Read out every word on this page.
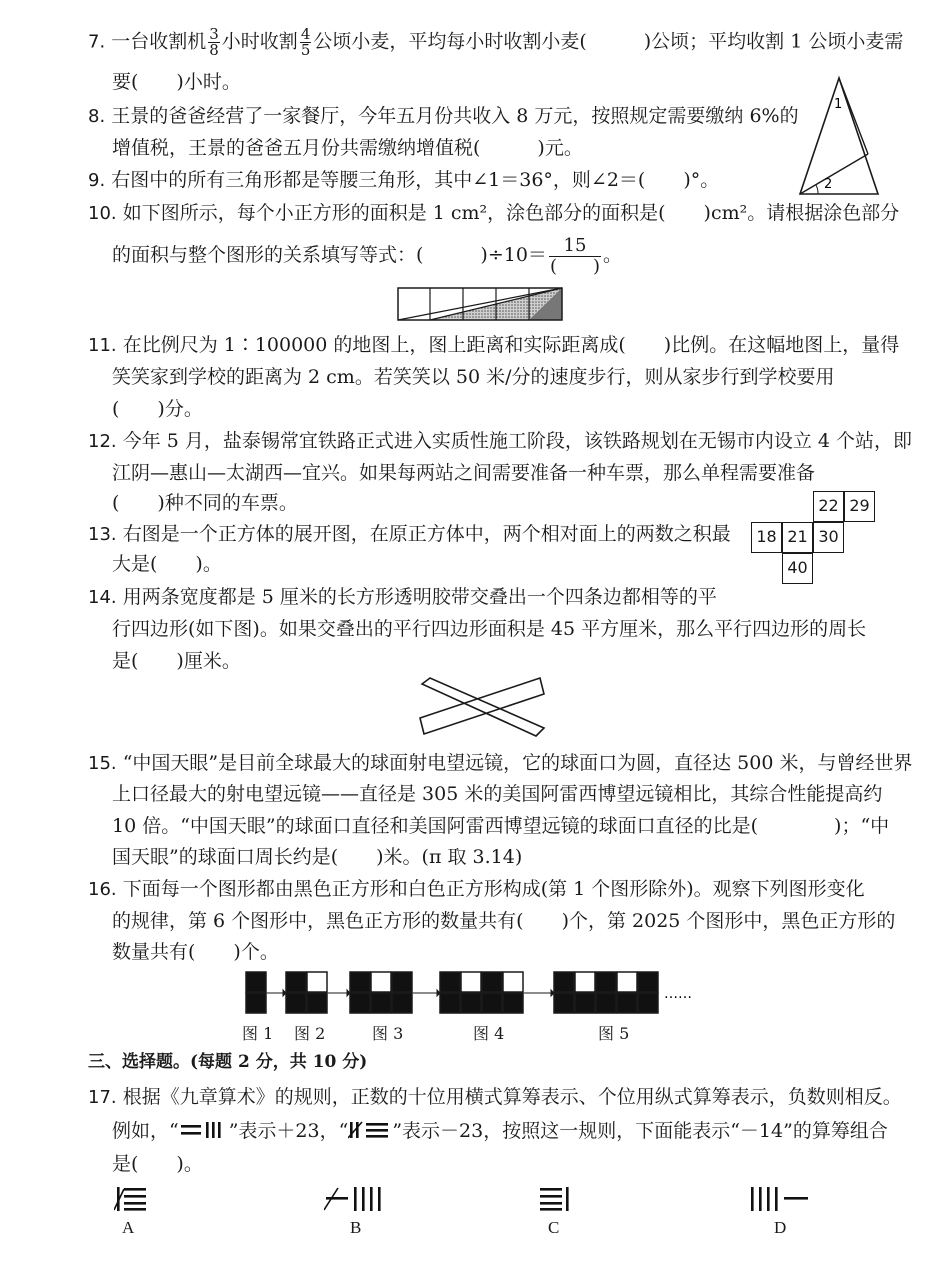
7. 一台收割机 $\frac{3}{8}$ 小时收割 $\frac{4}{5}$ 公顷小麦，平均每小时收割小麦(　　　)公顷；平均收割 1 公顷小麦需
要(　　)小时。
1
2
8. 王景的爸爸经营了一家餐厅，今年五月份共收入 8 万元，按照规定需要缴纳 6%的
增值税，王景的爸爸五月份共需缴纳增值税(　　　)元。
9. 右图中的所有三角形都是等腰三角形，其中∠1＝36°，则∠2＝(　　)°。
10. 如下图所示，每个小正方形的面积是 1 cm²，涂色部分的面积是(　　)cm²。请根据涂色部分
的面积与整个图形的关系填写等式：(　　　)$\div 10= \frac{15}{( )}$ 。
11. 在比例尺为 1∶100000 的地图上，图上距离和实际距离成(　　)比例。在这幅地图上，量得
笑笑家到学校的距离为 2 cm。若笑笑以 50 米/分的速度步行，则从家步行到学校要用
(　　)分。
12. 今年 5 月，盐泰锡常宜铁路正式进入实质性施工阶段，该铁路规划在无锡市内设立 4 个站，即
江阴—惠山—太湖西—宜兴。如果每两站之间需要准备一种车票，那么单程需要准备
(　　)种不同的车票。	22 29
18 21 30
40
13. 右图是一个正方体的展开图，在原正方体中，两个相对面上的两数之积最
大是(　　)。
14. 用两条宽度都是 5 厘米的长方形透明胶带交叠出一个四条边都相等的平
行四边形(如下图)。如果交叠出的平行四边形面积是 45 平方厘米，那么平行四边形的周长
是(　　)厘米。
15. “中国天眼”是目前全球最大的球面射电望远镜，它的球面口为圆，直径达 500 米，与曾经世界
上口径最大的射电望远镜——直径是 305 米的美国阿雷西博望远镜相比，其综合性能提高约
10 倍。“中国天眼”的球面口直径和美国阿雷西博望远镜的球面口直径的比是(　　　　)；“中
国天眼”的球面口周长约是(　　)米。(π 取 3.14)
16. 下面每一个图形都由黑色正方形和白色正方形构成(第 1 个图形除外)。观察下列图形变化
的规律，第 6 个图形中，黑色正方形的数量共有(　　)个，第 2025 个图形中，黑色正方形的
数量共有(　　)个。
……
图 1 图 2	图 3	图 4	图 5
三、选择题。(每题 2 分，共 10 分)
17. 根据《九章算术》的规则，正数的十位用横式算筹表示、个位用纵式算筹表示，负数则相反。
例如，“	”表示＋23，“ ”表示－23，按照这一规则，下面能表示“－14”的算筹组合
是(　　)。
A	B	C	D
